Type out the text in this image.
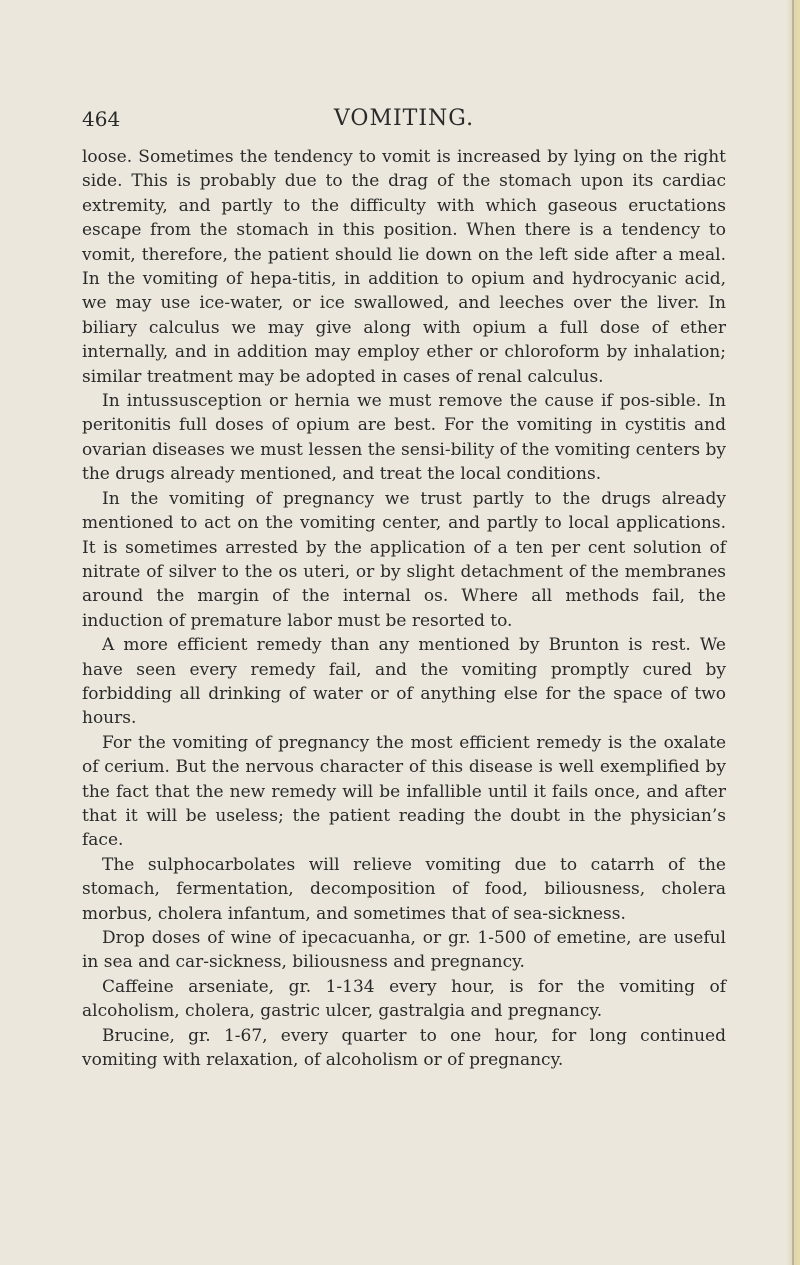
464	VOMITING.

loose. Sometimes the tendency to vomit is increased by lying on the right side. This is probably due to the drag of the stomach upon its cardiac extremity, and partly to the difficulty with which gaseous eructations escape from the stomach in this position. When there is a tendency to vomit, therefore, the patient should lie down on the left side after a meal. In the vomiting of hepa-titis, in addition to opium and hydrocyanic acid, we may use ice-water, or ice swallowed, and leeches over the liver. In biliary calculus we may give along with opium a full dose of ether internally, and in addition may employ ether or chloroform by inhalation; similar treatment may be adopted in cases of renal calculus.

In intussusception or hernia we must remove the cause if pos-sible. In peritonitis full doses of opium are best. For the vomiting in cystitis and ovarian diseases we must lessen the sensi-bility of the vomiting centers by the drugs already mentioned, and treat the local conditions.

In the vomiting of pregnancy we trust partly to the drugs already mentioned to act on the vomiting center, and partly to local applications. It is sometimes arrested by the application of a ten per cent solution of nitrate of silver to the os uteri, or by slight detachment of the membranes around the margin of the internal os. Where all methods fail, the induction of premature labor must be resorted to.

A more efficient remedy than any mentioned by Brunton is rest. We have seen every remedy fail, and the vomiting promptly cured by forbidding all drinking of water or of anything else for the space of two hours.

For the vomiting of pregnancy the most efficient remedy is the oxalate of cerium. But the nervous character of this disease is well exemplified by the fact that the new remedy will be infallible until it fails once, and after that it will be useless; the patient reading the doubt in the physician’s face.

The sulphocarbolates will relieve vomiting due to catarrh of the stomach, fermentation, decomposition of food, biliousness, cholera morbus, cholera infantum, and sometimes that of sea-sickness.

Drop doses of wine of ipecacuanha, or gr. 1-500 of emetine, are useful in sea and car-sickness, biliousness and pregnancy.

Caffeine arseniate, gr. 1-134 every hour, is for the vomiting of alcoholism, cholera, gastric ulcer, gastralgia and pregnancy.

Brucine, gr. 1-67, every quarter to one hour, for long continued vomiting with relaxation, of alcoholism or of pregnancy.
